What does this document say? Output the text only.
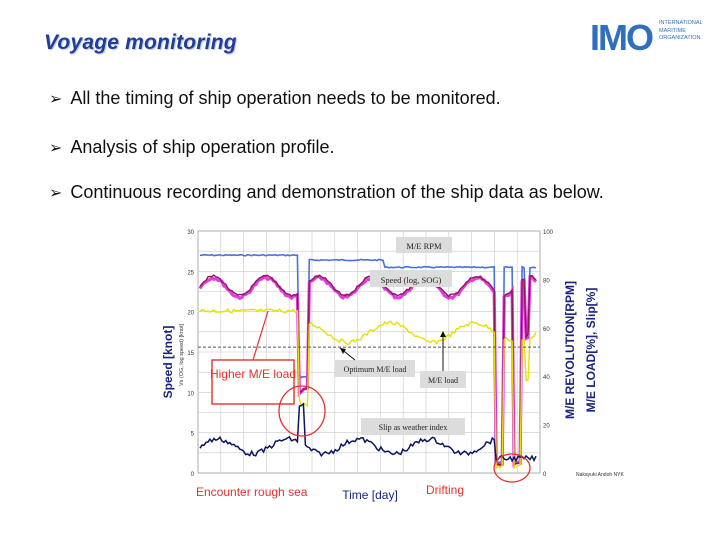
Voyage monitoring	IMO INTERNATIONAL
MARITIME
ORGANIZATION
➢ All the timing of ship operation needs to be monitored.
➢ Analysis of ship operation profile.
➢ Continuous recording and demonstration of the ship data as below.
30
25
20
15
10
5
0
100
80
60
40
20
0
Speed [knot] Vs (OG, log speed) [knot]	M/E REVOLUTION[RPM] M/E LOAD[%], Slip[%]
Time [day]
M/E RPM
Speed (log, SOG)
Optimum M/E load
M/E load
Slip as weather index
Higher M/E load
Encounter rough sea	Drifting
Nakayuki Andoh NYK
